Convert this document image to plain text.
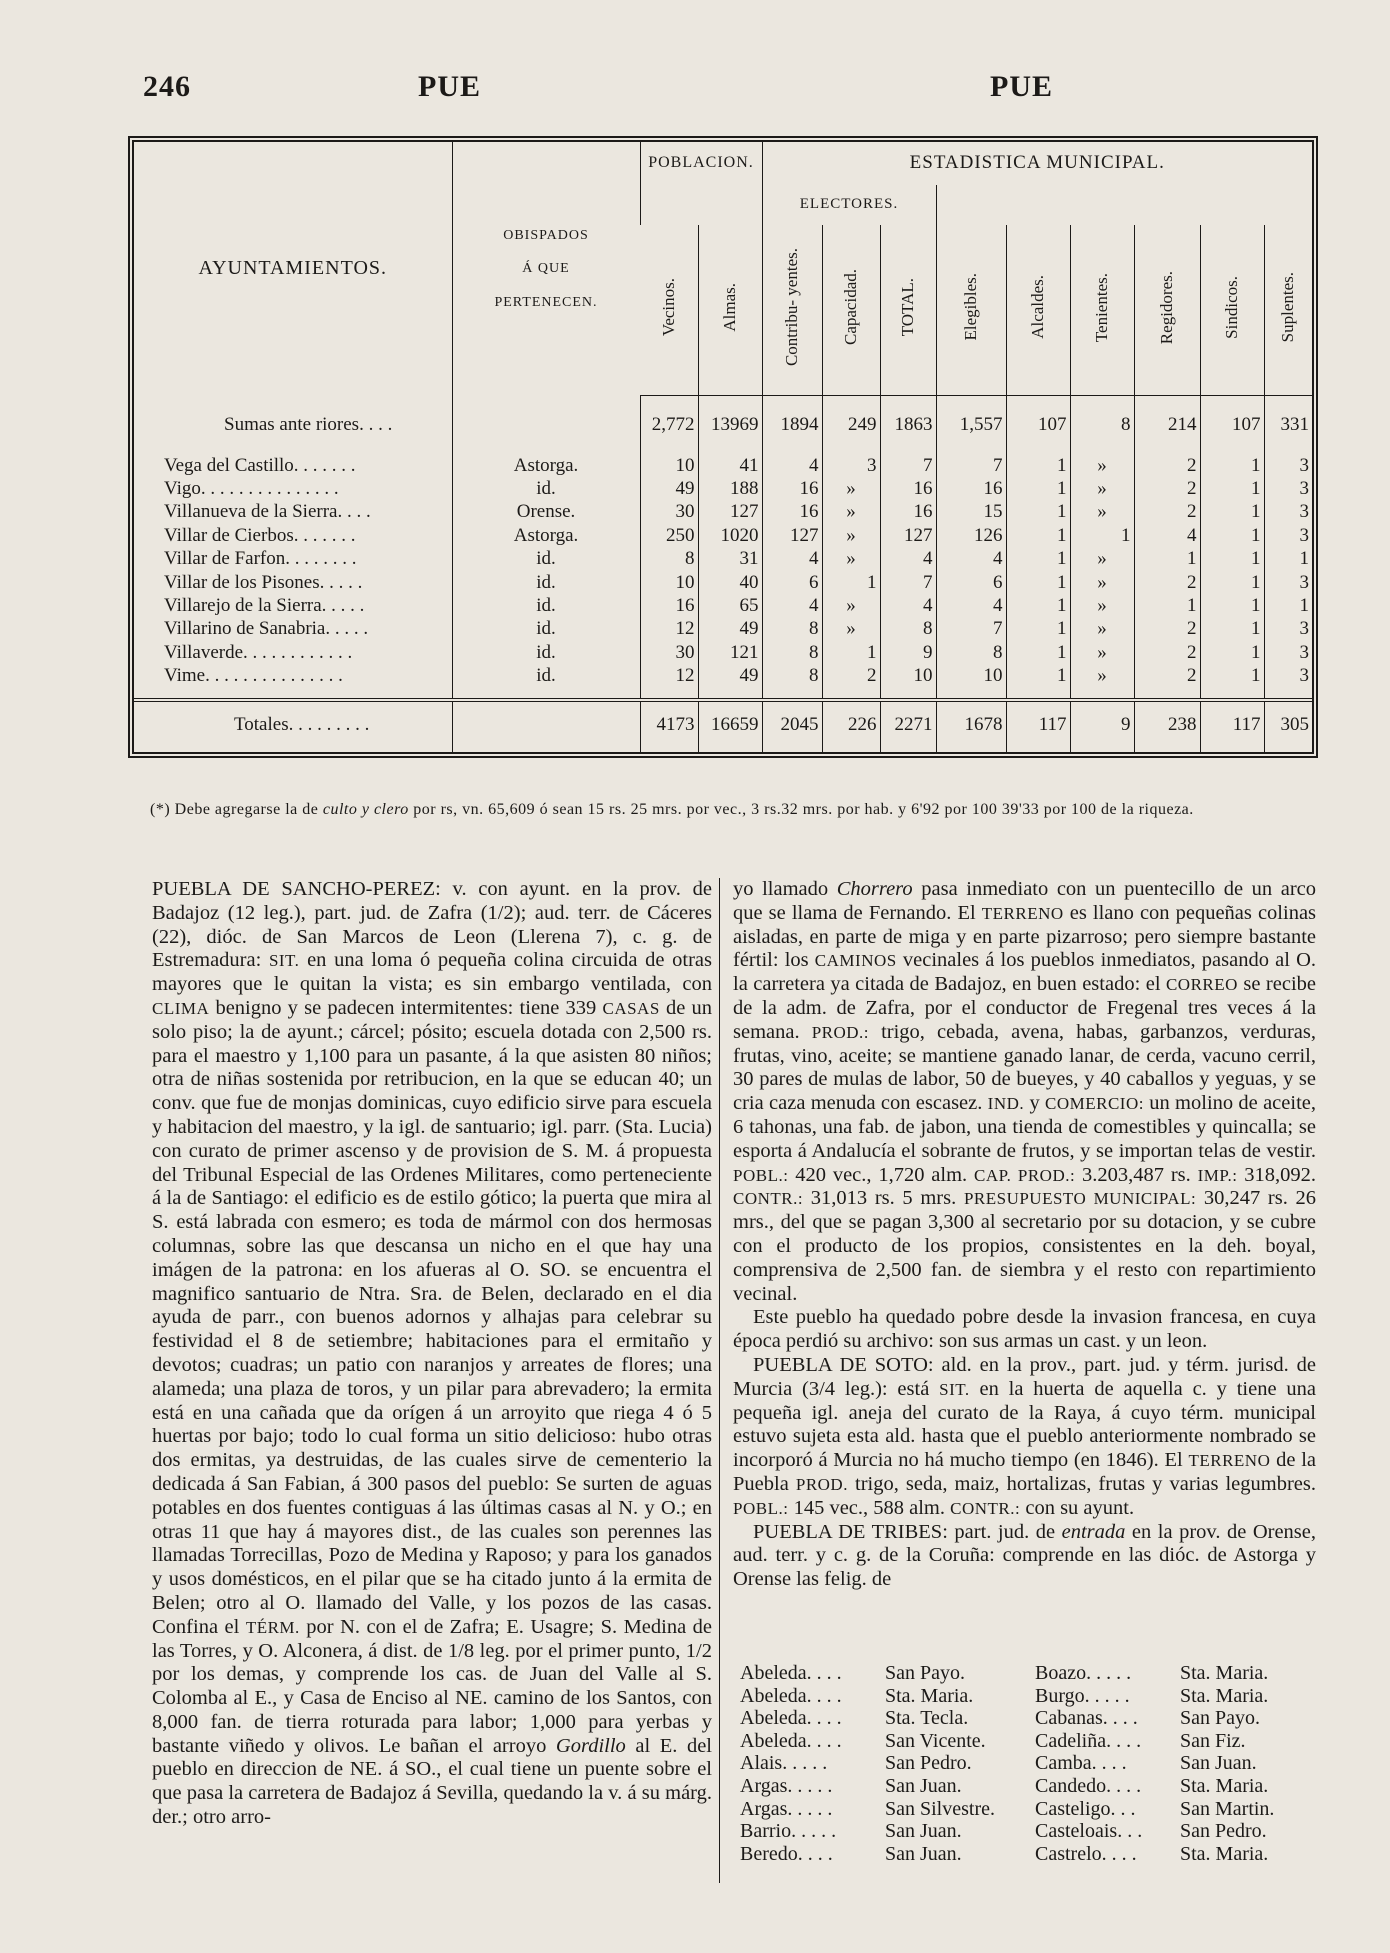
246	PUE	PUE
AYUNTAMIENTOS.	OBISPADOS
Á QUE
PERTENECEN.	POBLACION.		ESTADISTICA MUNICIPAL.								
				ELECTORES.								
		Vecinos.	Almas.	Contribu- yentes.	Capacidad.	TOTAL.	Elegibles.	Alcaldes.	Tenientes.	Regidores.	Sindicos.	Suplentes.
Sumas ante riores. . . .		2,772	13969	1894	249	1863	1,557	107	8	214	107	331
Vega del Castillo. . . . . . .	Astorga.	10	41	4	3	7	7	1	»	2	1	3
Vigo. . . . . . . . . . . . . . .	id.	49	188	16	»	16	16	1	»	2	1	3
Villanueva de la Sierra. . . .	Orense.	30	127	16	»	16	15	1	»	2	1	3
Villar de Cierbos. . . . . . .	Astorga.	250	1020	127	»	127	126	1	1	4	1	3
Villar de Farfon. . . . . . . .	id.	8	31	4	»	4	4	1	»	1	1	1
Villar de los Pisones. . . . .	id.	10	40	6	1	7	6	1	»	2	1	3
Villarejo de la Sierra. . . . .	id.	16	65	4	»	4	4	1	»	1	1	1
Villarino de Sanabria. . . . .	id.	12	49	8	»	8	7	1	»	2	1	3
Villaverde. . . . . . . . . . . .	id.	30	121	8	1	9	8	1	»	2	1	3
Vime. . . . . . . . . . . . . . .	id.	12	49	8	2	10	10	1	»	2	1	3

Totales. . . . . . . . .		4173	16659	2045	226	2271	1678	117	9	238	117	305

(*) Debe agregarse la de culto y clero por rs, vn. 65,609 ó sean 15 rs. 25 mrs. por vec., 3 rs.32 mrs. por hab. y 6'92 por 100 39'33 por 100 de la riqueza.

PUEBLA DE SANCHO-PEREZ: v. con ayunt. en la prov. de Badajoz (12 leg.), part. jud. de Zafra (1/2); aud. terr. de Cáceres (22), dióc. de San Marcos de Leon (Llerena 7), c. g. de Estremadura: SIT. en una loma ó pequeña colina circuida de otras mayores que le quitan la vista; es sin embargo ventilada, con CLIMA benigno y se padecen intermitentes: tiene 339 CASAS de un solo piso; la de ayunt.; cárcel; pósito; escuela dotada con 2,500 rs. para el maestro y 1,100 para un pasante, á la que asisten 80 niños; otra de niñas sostenida por retribucion, en la que se educan 40; un conv. que fue de monjas dominicas, cuyo edificio sirve para escuela y habitacion del maestro, y la igl. de santuario; igl. parr. (Sta. Lucia) con curato de primer ascenso y de provision de S. M. á propuesta del Tribunal Especial de las Ordenes Militares, como perteneciente á la de Santiago: el edificio es de estilo gótico; la puerta que mira al S. está labrada con esmero; es toda de mármol con dos hermosas columnas, sobre las que descansa un nicho en el que hay una imágen de la patrona: en los afueras al O. SO. se encuentra el magnifico santuario de Ntra. Sra. de Belen, declarado en el dia ayuda de parr., con buenos adornos y alhajas para celebrar su festividad el 8 de setiembre; habitaciones para el ermitaño y devotos; cuadras; un patio con naranjos y arreates de flores; una alameda; una plaza de toros, y un pilar para abrevadero; la ermita está en una cañada que da orígen á un arroyito que riega 4 ó 5 huertas por bajo; todo lo cual forma un sitio delicioso: hubo otras dos ermitas, ya destruidas, de las cuales sirve de cementerio la dedicada á San Fabian, á 300 pasos del pueblo: Se surten de aguas potables en dos fuentes contiguas á las últimas casas al N. y O.; en otras 11 que hay á mayores dist., de las cuales son perennes las llamadas Torrecillas, Pozo de Medina y Raposo; y para los ganados y usos domésticos, en el pilar que se ha citado junto á la ermita de Belen; otro al O. llamado del Valle, y los pozos de las casas. Confina el TÉRM. por N. con el de Zafra; E. Usagre; S. Medina de las Torres, y O. Alconera, á dist. de 1/8 leg. por el primer punto, 1/2 por los demas, y comprende los cas. de Juan del Valle al S. Colomba al E., y Casa de Enciso al NE. camino de los Santos, con 8,000 fan. de tierra roturada para labor; 1,000 para yerbas y bastante viñedo y olivos. Le bañan el arroyo Gordillo al E. del pueblo en direccion de NE. á SO., el cual tiene un puente sobre el que pasa la carretera de Badajoz á Sevilla, quedando la v. á su márg. der.; otro arro-

yo llamado Chorrero pasa inmediato con un puentecillo de un arco que se llama de Fernando. El TERRENO es llano con pequeñas colinas aisladas, en parte de miga y en parte pizarroso; pero siempre bastante fértil: los CAMINOS vecinales á los pueblos inmediatos, pasando al O. la carretera ya citada de Badajoz, en buen estado: el CORREO se recibe de la adm. de Zafra, por el conductor de Fregenal tres veces á la semana. PROD.: trigo, cebada, avena, habas, garbanzos, verduras, frutas, vino, aceite; se mantiene ganado lanar, de cerda, vacuno cerril, 30 pares de mulas de labor, 50 de bueyes, y 40 caballos y yeguas, y se cria caza menuda con escasez. IND. y COMERCIO: un molino de aceite, 6 tahonas, una fab. de jabon, una tienda de comestibles y quincalla; se esporta á Andalucía el sobrante de frutos, y se importan telas de vestir. POBL.: 420 vec., 1,720 alm. CAP. PROD.: 3.203,487 rs. IMP.: 318,092. CONTR.: 31,013 rs. 5 mrs. PRESUPUESTO MUNICIPAL: 30,247 rs. 26 mrs., del que se pagan 3,300 al secretario por su dotacion, y se cubre con el producto de los propios, consistentes en la deh. boyal, comprensiva de 2,500 fan. de siembra y el resto con repartimiento vecinal.

Este pueblo ha quedado pobre desde la invasion francesa, en cuya época perdió su archivo: son sus armas un cast. y un leon.

PUEBLA DE SOTO: ald. en la prov., part. jud. y térm. jurisd. de Murcia (3/4 leg.): está SIT. en la huerta de aquella c. y tiene una pequeña igl. aneja del curato de la Raya, á cuyo térm. municipal estuvo sujeta esta ald. hasta que el pueblo anteriormente nombrado se incorporó á Murcia no há mucho tiempo (en 1846). El TERRENO de la Puebla PROD. trigo, seda, maiz, hortalizas, frutas y varias legumbres. POBL.: 145 vec., 588 alm. CONTR.: con su ayunt.

PUEBLA DE TRIBES: part. jud. de entrada en la prov. de Orense, aud. terr. y c. g. de la Coruña: comprende en las dióc. de Astorga y Orense las felig. de

Abeleda. . . .	San Payo.	Boazo. . . . .	Sta. Maria.
Abeleda. . . .	Sta. Maria.	Burgo. . . . .	Sta. Maria.
Abeleda. . . .	Sta. Tecla.	Cabanas. . . .	San Payo.
Abeleda. . . .	San Vicente.	Cadeliña. . . .	San Fiz.
Alais. . . . .	San Pedro.	Camba. . . .	San Juan.
Argas. . . . .	San Juan.	Candedo. . . .	Sta. Maria.
Argas. . . . .	San Silvestre.	Casteligo. . .	San Martin.
Barrio. . . . .	San Juan.	Casteloais. . .	San Pedro.
Beredo. . . .	San Juan.	Castrelo. . . .	Sta. Maria.
